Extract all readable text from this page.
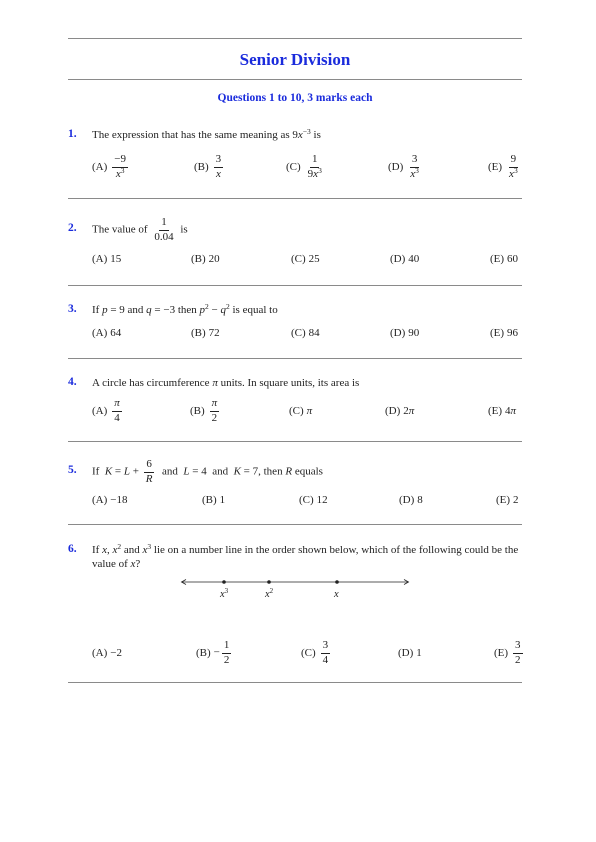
Senior Division
Questions 1 to 10, 3 marks each
1. The expression that has the same meaning as $9x^{-3}$ is
$(A) \frac{-9}{x^3}$	$(B) \frac{3}{x}$	$(C) \frac{1}{9x^3}$	$(D) \frac{3}{x^3}$	$(E) \frac{9}{x^3}$
2. The value of $\frac{1}{0.04}$ is
(A) 15	(B) 20	(C) 25	(D) 40	(E) 60
3. If p = 9 and q = −3 then $p^2 - q^2$ is equal to
(A) 64	(B) 72	(C) 84	(D) 90	(E) 96
4. A circle has circumference π units. In square units, its area is
$(A) \frac{\pi}{4}$	$(B) \frac{\pi}{2}$	(C) π	(D) 2π	(E) 4π
5. If  $K = L + \frac{6}{R}$ and  L = 4  and  K = 7, then R equals
(A) −18	(B) 1	(C) 12	(D) 8	(E) 2
6. If x, $x^2$ and $x^3$ lie on a number line in the order shown below, which of the following could be the value of x?
$x^3$	$x^2$	x
(A) −2	$(B) - \frac{1}{2}$	$(C) \frac{3}{4}$	(D) 1	$(E) \frac{3}{2}$
